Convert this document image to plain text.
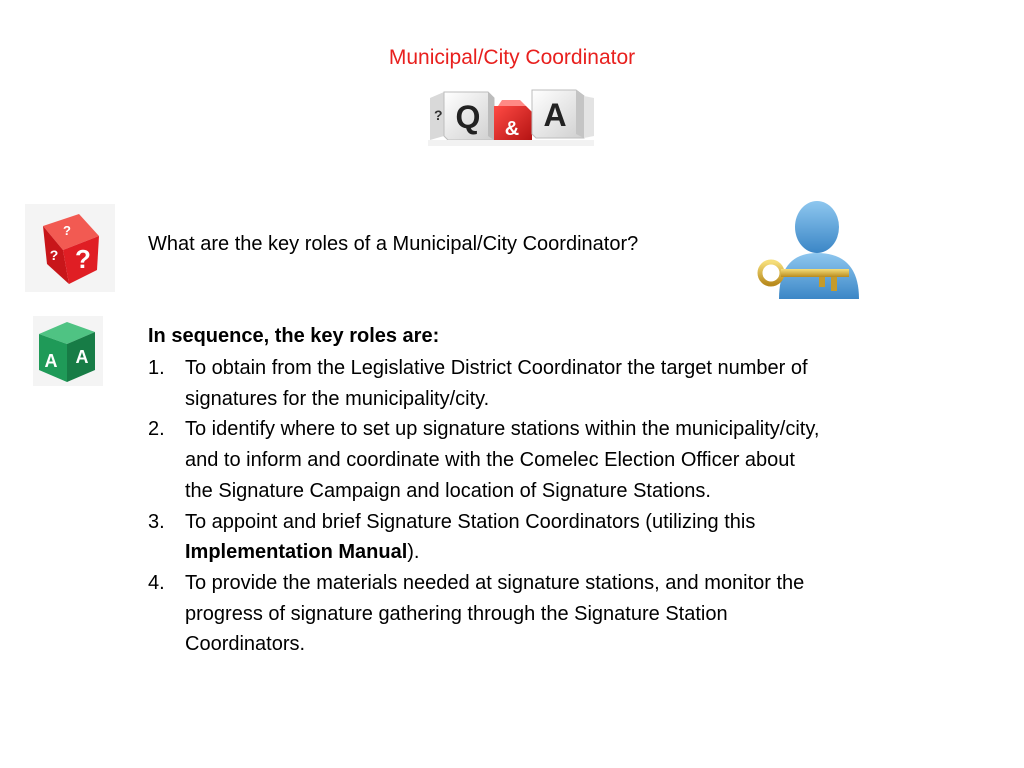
Municipal/City Coordinator
? Q & A
?
?
?
A A
What are the key roles of a Municipal/City Coordinator?
In sequence, the key roles are:
1.	To obtain from the Legislative District Coordinator the target number of signatures for the municipality/city.
2.	To identify where to set up signature stations within the municipality/city, and to inform and coordinate with the Comelec Election Officer about the Signature Campaign and location of Signature Stations.
3.	To appoint and brief Signature Station Coordinators (utilizing this Implementation Manual).
4.	To provide the materials needed at signature stations, and monitor the progress of signature gathering through the Signature Station Coordinators.
